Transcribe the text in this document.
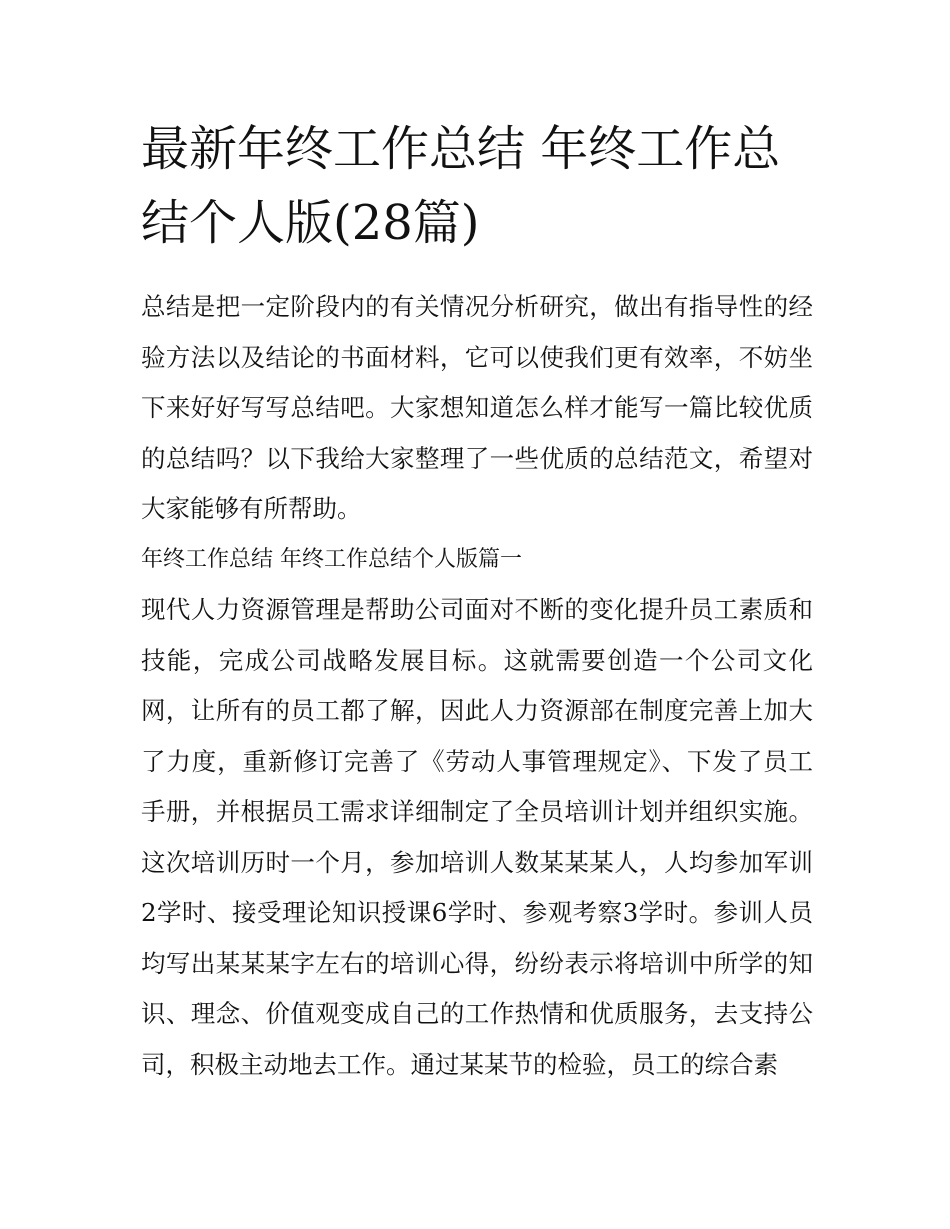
最新年终工作总结 年终工作总结个人版(28篇)

总结是把一定阶段内的有关情况分析研究，做出有指导性的经验方法以及结论的书面材料，它可以使我们更有效率，不妨坐下来好好写写总结吧。大家想知道怎么样才能写一篇比较优质的总结吗？以下我给大家整理了一些优质的总结范文，希望对大家能够有所帮助。

年终工作总结 年终工作总结个人版篇一

现代人力资源管理是帮助公司面对不断的变化提升员工素质和技能，完成公司战略发展目标。这就需要创造一个公司文化网，让所有的员工都了解，因此人力资源部在制度完善上加大了力度，重新修订完善了《劳动人事管理规定》、下发了员工手册，并根据员工需求详细制定了全员培训计划并组织实施。这次培训历时一个月，参加培训人数某某某人，人均参加军训2学时、接受理论知识授课6学时、参观考察3学时。参训人员均写出某某某字左右的培训心得，纷纷表示将培训中所学的知识、理念、价值观变成自己的工作热情和优质服务，去支持公司，积极主动地去工作。通过某某节的检验，员工的综合素
